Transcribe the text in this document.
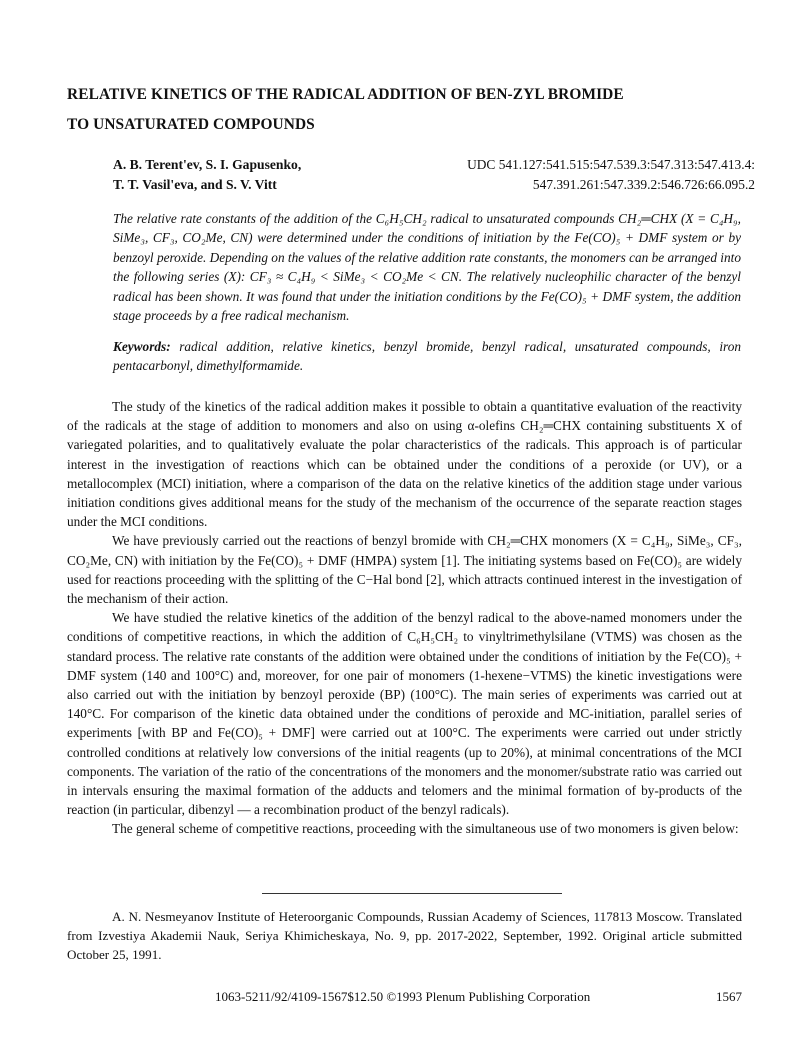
RELATIVE KINETICS OF THE RADICAL ADDITION OF BEN-ZYL BROMIDE TO UNSATURATED COMPOUNDS
A. B. Terent'ev, S. I. Gapusenko,
T. T. Vasil'eva, and S. V. Vitt
UDC 541.127:541.515:547.539.3:547.313:547.413.4:
547.391.261:547.339.2:546.726:66.095.2
The relative rate constants of the addition of the C₆H₅CH₂ radical to unsaturated compounds CH₂═CHX (X = C₄H₉, SiMe₃, CF₃, CO₂Me, CN) were determined under the conditions of initiation by the Fe(CO)₅ + DMF system or by benzoyl peroxide. Depending on the values of the relative addition rate constants, the monomers can be arranged into the following series (X): CF₃ ≈ C₄H₉ < SiMe₃ < CO₂Me < CN. The relatively nucleophilic character of the benzyl radical has been shown. It was found that under the initiation conditions by the Fe(CO)₅ + DMF system, the addition stage proceeds by a free radical mechanism.
Keywords: radical addition, relative kinetics, benzyl bromide, benzyl radical, unsaturated compounds, iron pentacarbonyl, dimethylformamide.

The study of the kinetics of the radical addition makes it possible to obtain a quantitative evaluation of the reactivity of the radicals at the stage of addition to monomers and also on using α-olefins CH₂═CHX containing substituents X of variegated polarities, and to qualitatively evaluate the polar characteristics of the radicals. This approach is of particular interest in the investigation of reactions which can be obtained under the conditions of a peroxide (or UV), or a metallocomplex (MCI) initiation, where a comparison of the data on the relative kinetics of the addition stage under various initiation conditions gives additional means for the study of the mechanism of the occurrence of the separate reaction stages under the MCI conditions.

We have previously carried out the reactions of benzyl bromide with CH₂═CHX monomers (X = C₄H₉, SiMe₃, CF₃, CO₂Me, CN) with initiation by the Fe(CO)₅ + DMF (HMPA) system [1]. The initiating systems based on Fe(CO)₅ are widely used for reactions proceeding with the splitting of the C−Hal bond [2], which attracts continued interest in the investigation of the mechanism of their action.

We have studied the relative kinetics of the addition of the benzyl radical to the above-named monomers under the conditions of competitive reactions, in which the addition of C₆H₅CH₂ to vinyltrimethylsilane (VTMS) was chosen as the standard process. The relative rate constants of the addition were obtained under the conditions of initiation by the Fe(CO)₅ + DMF system (140 and 100°C) and, moreover, for one pair of monomers (1-hexene−VTMS) the kinetic investigations were also carried out with the initiation by benzoyl peroxide (BP) (100°C). The main series of experiments was carried out at 140°C. For comparison of the kinetic data obtained under the conditions of peroxide and MC-initiation, parallel series of experiments [with BP and Fe(CO)₅ + DMF] were carried out at 100°C. The experiments were carried out under strictly controlled conditions at relatively low conversions of the initial reagents (up to 20%), at minimal concentrations of the MCI components. The variation of the ratio of the concentrations of the monomers and the monomer/substrate ratio was carried out in intervals ensuring the maximal formation of the adducts and telomers and the minimal formation of by-products of the reaction (in particular, dibenzyl — a recombination product of the benzyl radicals).

The general scheme of competitive reactions, proceeding with the simultaneous use of two monomers is given below:

A. N. Nesmeyanov Institute of Heteroorganic Compounds, Russian Academy of Sciences, 117813 Moscow. Translated from Izvestiya Akademii Nauk, Seriya Khimicheskaya, No. 9, pp. 2017-2022, September, 1992. Original article submitted October 25, 1991.
1063-5211/92/4109-1567$12.50 ©1993 Plenum Publishing Corporation	1567
